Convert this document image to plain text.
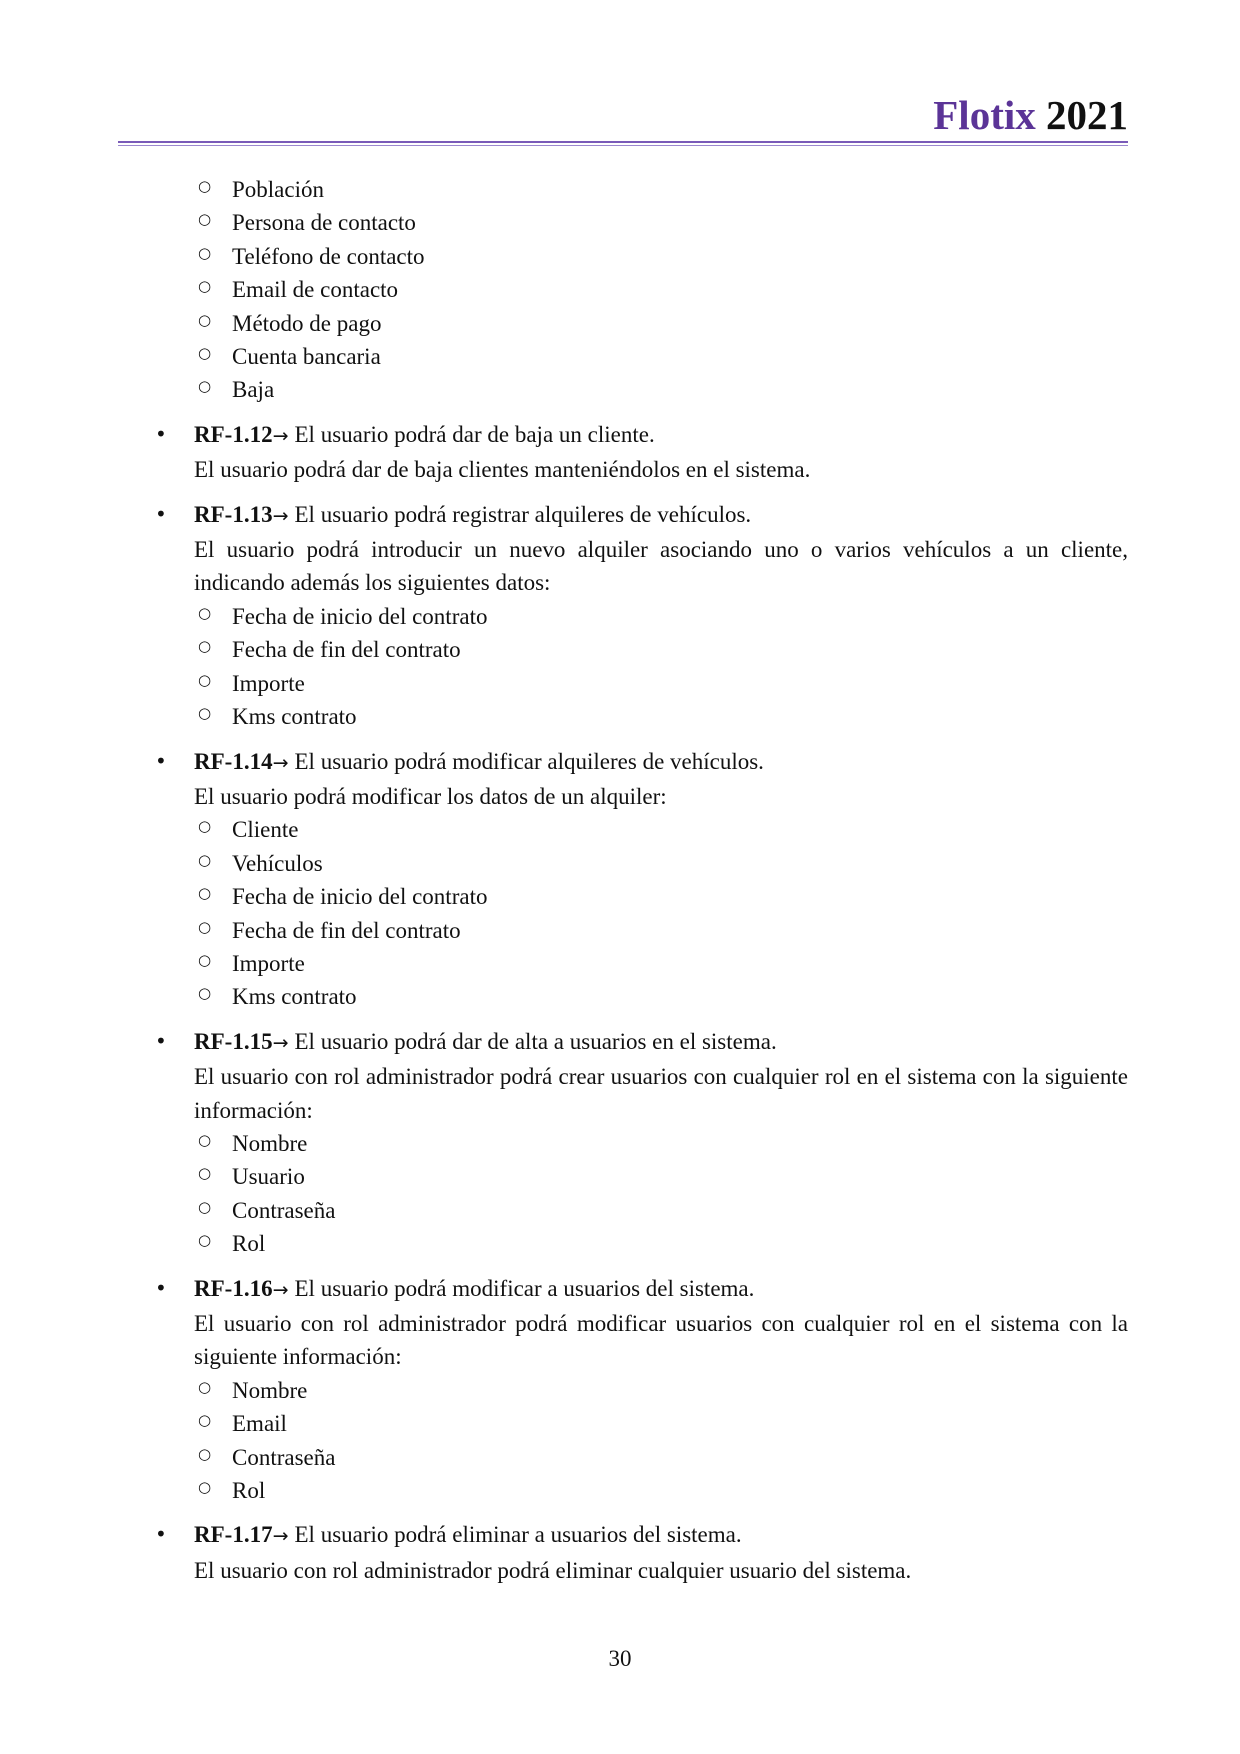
Flotix 2021
○ Población
○ Persona de contacto
○ Teléfono de contacto
○ Email de contacto
○ Método de pago
○ Cuenta bancaria
○ Baja
• RF-1.12→ El usuario podrá dar de baja un cliente.

El usuario podrá dar de baja clientes manteniéndolos en el sistema.

• RF-1.13→ El usuario podrá registrar alquileres de vehículos.

El usuario podrá introducir un nuevo alquiler asociando uno o varios vehículos a un cliente, indicando además los siguientes datos:

○ Fecha de inicio del contrato
○ Fecha de fin del contrato
○ Importe
○ Kms contrato
• RF-1.14→ El usuario podrá modificar alquileres de vehículos.

El usuario podrá modificar los datos de un alquiler:

○ Cliente
○ Vehículos
○ Fecha de inicio del contrato
○ Fecha de fin del contrato
○ Importe
○ Kms contrato
• RF-1.15→ El usuario podrá dar de alta a usuarios en el sistema.

El usuario con rol administrador podrá crear usuarios con cualquier rol en el sistema con la siguiente información:

○ Nombre
○ Usuario
○ Contraseña
○ Rol
• RF-1.16→ El usuario podrá modificar a usuarios del sistema.

El usuario con rol administrador podrá modificar usuarios con cualquier rol en el sistema con la siguiente información:

○ Nombre
○ Email
○ Contraseña
○ Rol
• RF-1.17→ El usuario podrá eliminar a usuarios del sistema.

El usuario con rol administrador podrá eliminar cualquier usuario del sistema.

30
